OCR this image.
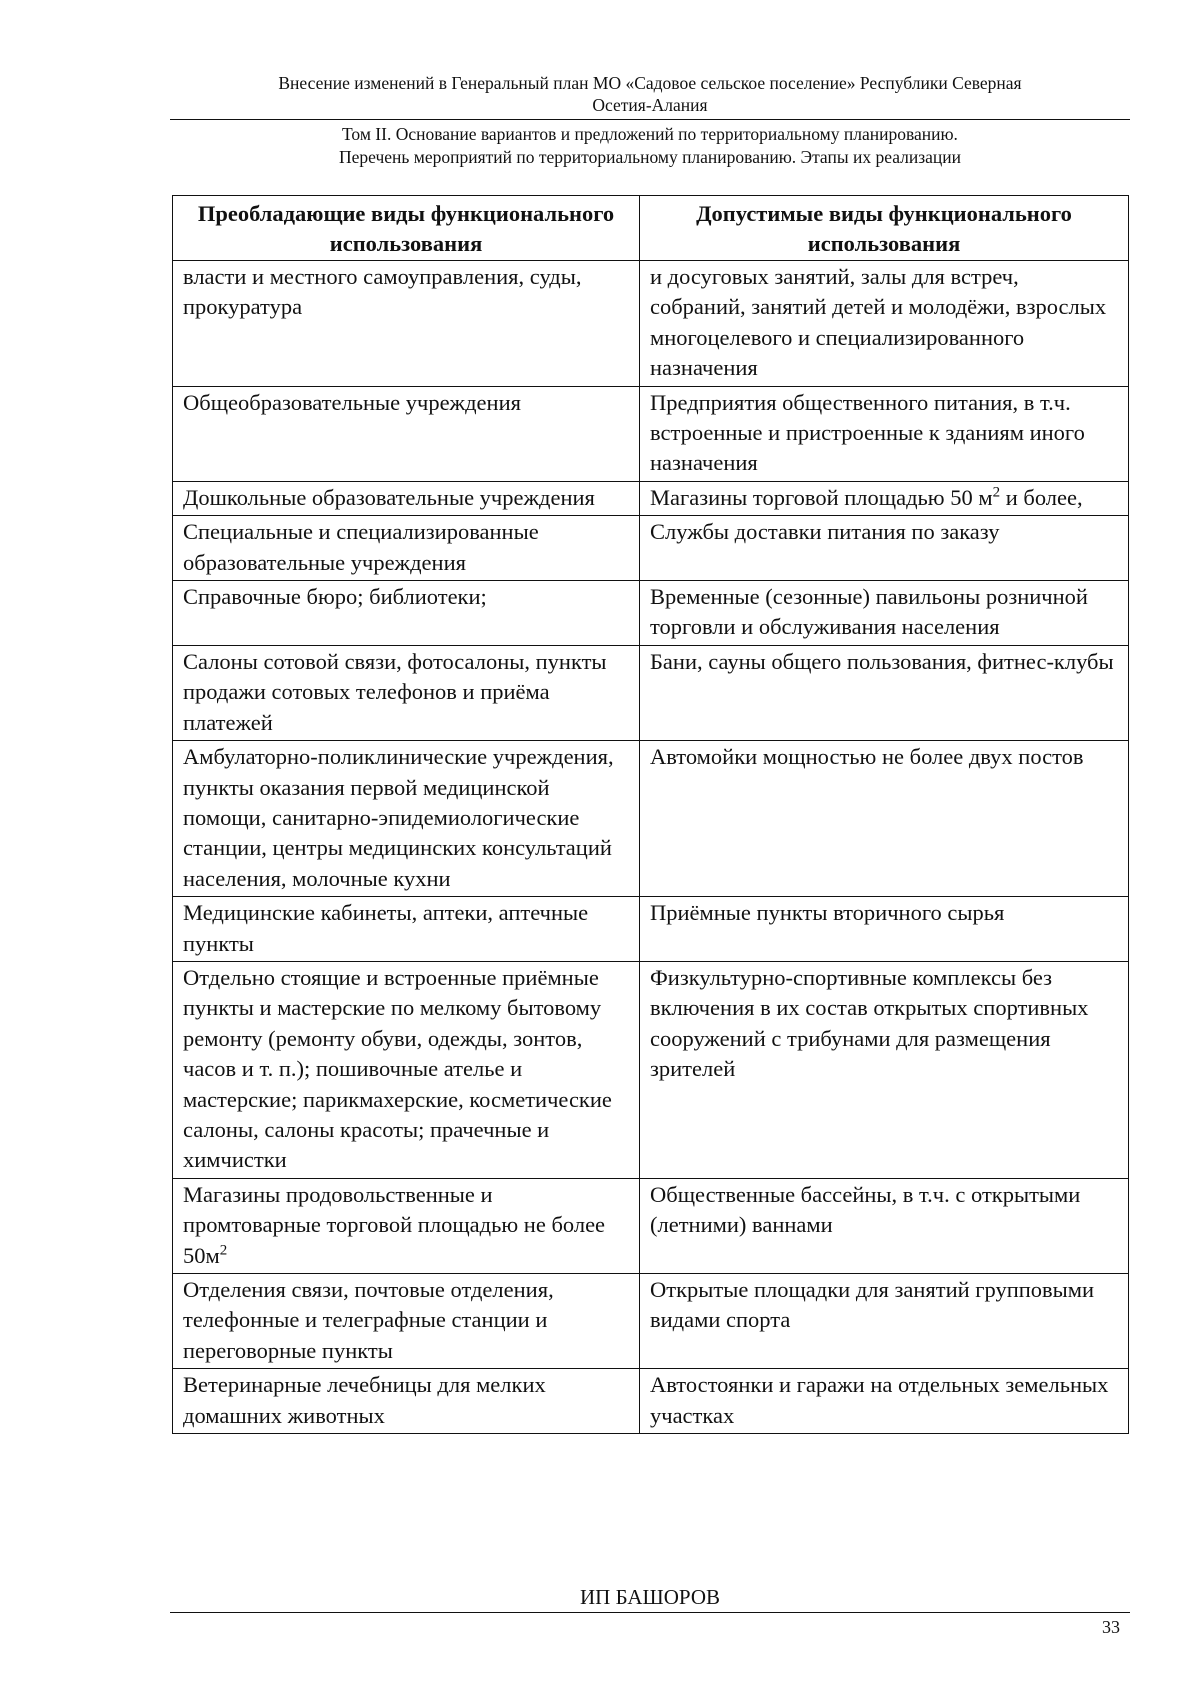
Внесение изменений в Генеральный план МО «Садовое сельское поселение» Республики Северная
Осетия-Алания
Том II. Основание вариантов и предложений по территориальному планированию.
Перечень мероприятий по территориальному планированию. Этапы их реализации
Преобладающие виды функционального использования	Допустимые виды функционального использования
власти и местного самоуправления, суды, прокуратура	и досуговых занятий, залы для встреч, собраний, занятий детей и молодёжи, взрослых многоцелевого и специализированного назначения
Общеобразовательные учреждения	Предприятия общественного питания, в т.ч. встроенные и пристроенные к зданиям иного назначения
Дошкольные образовательные учреждения	Магазины торговой площадью 50 $м^2$ и более,
Специальные и специализированные образовательные учреждения	Службы доставки питания по заказу
Справочные бюро; библиотеки;	Временные (сезонные) павильоны розничной торговли и обслуживания населения
Салоны сотовой связи, фотосалоны, пункты продажи сотовых телефонов и приёма платежей	Бани, сауны общего пользования, фитнес-клубы
Амбулаторно-поликлинические учреждения, пункты оказания первой медицинской помощи, санитарно-эпидемиологические станции, центры медицинских консультаций населения, молочные кухни	Автомойки мощностью не более двух постов
Медицинские кабинеты, аптеки, аптечные пункты	Приёмные пункты вторичного сырья
Отдельно стоящие и встроенные приёмные пункты и мастерские по мелкому бытовому ремонту (ремонту обуви, одежды, зонтов, часов и т. п.); пошивочные ателье и мастерские; парикмахерские, косметические салоны, салоны красоты; прачечные и химчистки	Физкультурно-спортивные комплексы без включения в их состав открытых спортивных сооружений с трибунами для размещения зрителей
Магазины продовольственные и промтоварные торговой площадью не более $50м^2$	Общественные бассейны, в т.ч. с открытыми (летними) ваннами
Отделения связи, почтовые отделения, телефонные и телеграфные станции и переговорные пункты	Открытые площадки для занятий групповыми видами спорта
Ветеринарные лечебницы для мелких домашних животных	Автостоянки и гаражи на отдельных земельных участках
ИП БАШОРОВ
33
